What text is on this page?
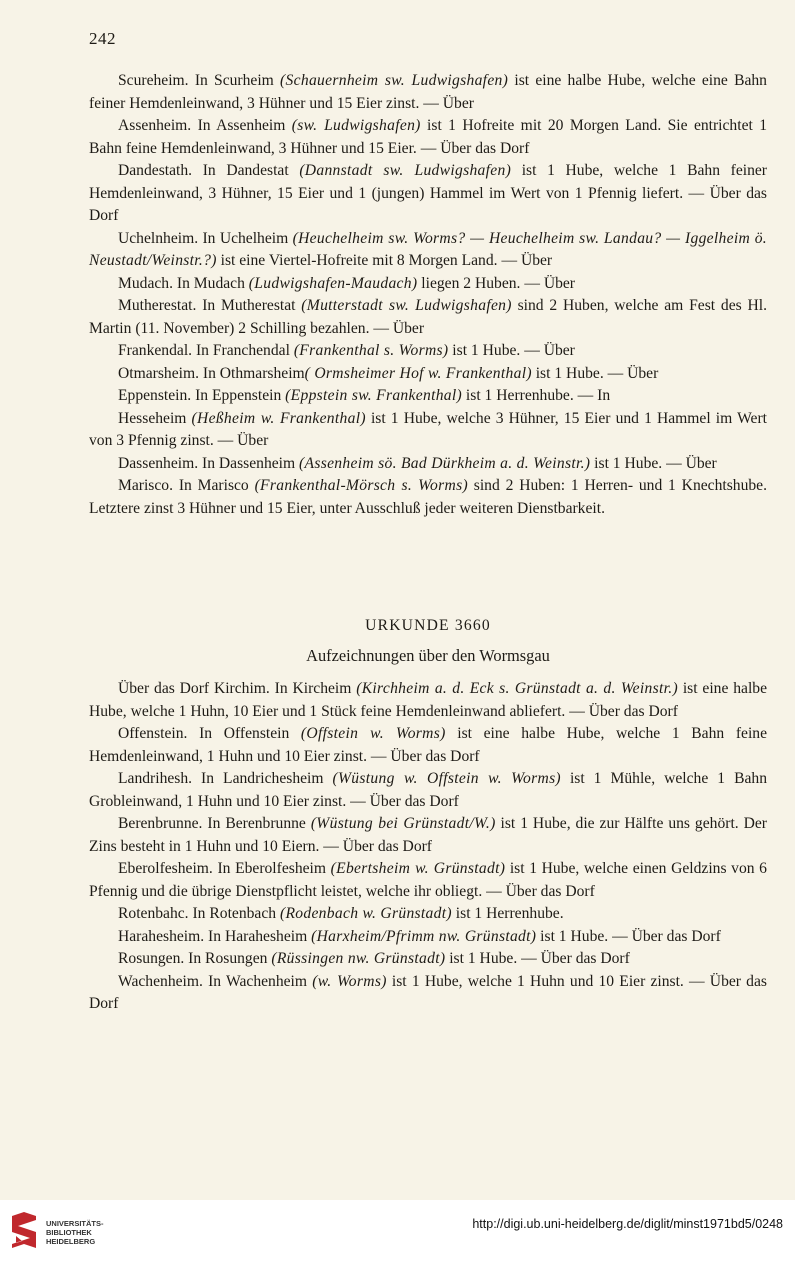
242

Scureheim. In Scurheim (Schauernheim sw. Ludwigshafen) ist eine halbe Hube, welche eine Bahn feiner Hemdenleinwand, 3 Hühner und 15 Eier zinst. — Über

Assenheim. In Assenheim (sw. Ludwigshafen) ist 1 Hofreite mit 20 Morgen Land. Sie entrichtet 1 Bahn feine Hemdenleinwand, 3 Hühner und 15 Eier. — Über das Dorf

Dandestath. In Dandestat (Dannstadt sw. Ludwigshafen) ist 1 Hube, welche 1 Bahn feiner Hemdenleinwand, 3 Hühner, 15 Eier und 1 (jungen) Hammel im Wert von 1 Pfennig liefert. — Über das Dorf

Uchelnheim. In Uchelheim (Heuchelheim sw. Worms? — Heuchelheim sw. Landau? — Iggelheim ö. Neustadt/Weinstr.?) ist eine Viertel-Hofreite mit 8 Morgen Land. — Über

Mudach. In Mudach (Ludwigshafen-Maudach) liegen 2 Huben. — Über

Mutherestat. In Mutherestat (Mutterstadt sw. Ludwigshafen) sind 2 Huben, welche am Fest des Hl. Martin (11. November) 2 Schilling bezahlen. — Über

Frankendal. In Franchendal (Frankenthal s. Worms) ist 1 Hube. — Über

Otmarsheim. In Othmarsheim( Ormsheimer Hof w. Frankenthal) ist 1 Hube. — Über

Eppenstein. In Eppenstein (Eppstein sw. Frankenthal) ist 1 Herrenhube. — In

Hesseheim (Heßheim w. Frankenthal) ist 1 Hube, welche 3 Hühner, 15 Eier und 1 Hammel im Wert von 3 Pfennig zinst. — Über

Dassenheim. In Dassenheim (Assenheim sö. Bad Dürkheim a. d. Weinstr.) ist 1 Hube. — Über

Marisco. In Marisco (Frankenthal-Mörsch s. Worms) sind 2 Huben: 1 Herren- und 1 Knechtshube. Letztere zinst 3 Hühner und 15 Eier, unter Ausschluß jeder weiteren Dienstbarkeit.

URKUNDE 3660
Aufzeichnungen über den Wormsgau

Über das Dorf Kirchim. In Kircheim (Kirchheim a. d. Eck s. Grünstadt a. d. Weinstr.) ist eine halbe Hube, welche 1 Huhn, 10 Eier und 1 Stück feine Hemdenleinwand abliefert. — Über das Dorf

Offenstein. In Offenstein (Offstein w. Worms) ist eine halbe Hube, welche 1 Bahn feine Hemdenleinwand, 1 Huhn und 10 Eier zinst. — Über das Dorf

Landrihesh. In Landrichesheim (Wüstung w. Offstein w. Worms) ist 1 Mühle, welche 1 Bahn Grobleinwand, 1 Huhn und 10 Eier zinst. — Über das Dorf

Berenbrunne. In Berenbrunne (Wüstung bei Grünstadt/W.) ist 1 Hube, die zur Hälfte uns gehört. Der Zins besteht in 1 Huhn und 10 Eiern. — Über das Dorf

Eberolfesheim. In Eberolfesheim (Ebertsheim w. Grünstadt) ist 1 Hube, welche einen Geldzins von 6 Pfennig und die übrige Dienstpflicht leistet, welche ihr obliegt. — Über das Dorf

Rotenbahc. In Rotenbach (Rodenbach w. Grünstadt) ist 1 Herrenhube.

Harahesheim. In Harahesheim (Harxheim/Pfrimm nw. Grünstadt) ist 1 Hube. — Über das Dorf

Rosungen. In Rosungen (Rüssingen nw. Grünstadt) ist 1 Hube. — Über das Dorf

Wachenheim. In Wachenheim (w. Worms) ist 1 Hube, welche 1 Huhn und 10 Eier zinst. — Über das Dorf

UNIVERSITÄTS-
BIBLIOTHEK
HEIDELBERG
http://digi.ub.uni-heidelberg.de/diglit/minst1971bd5/0248
